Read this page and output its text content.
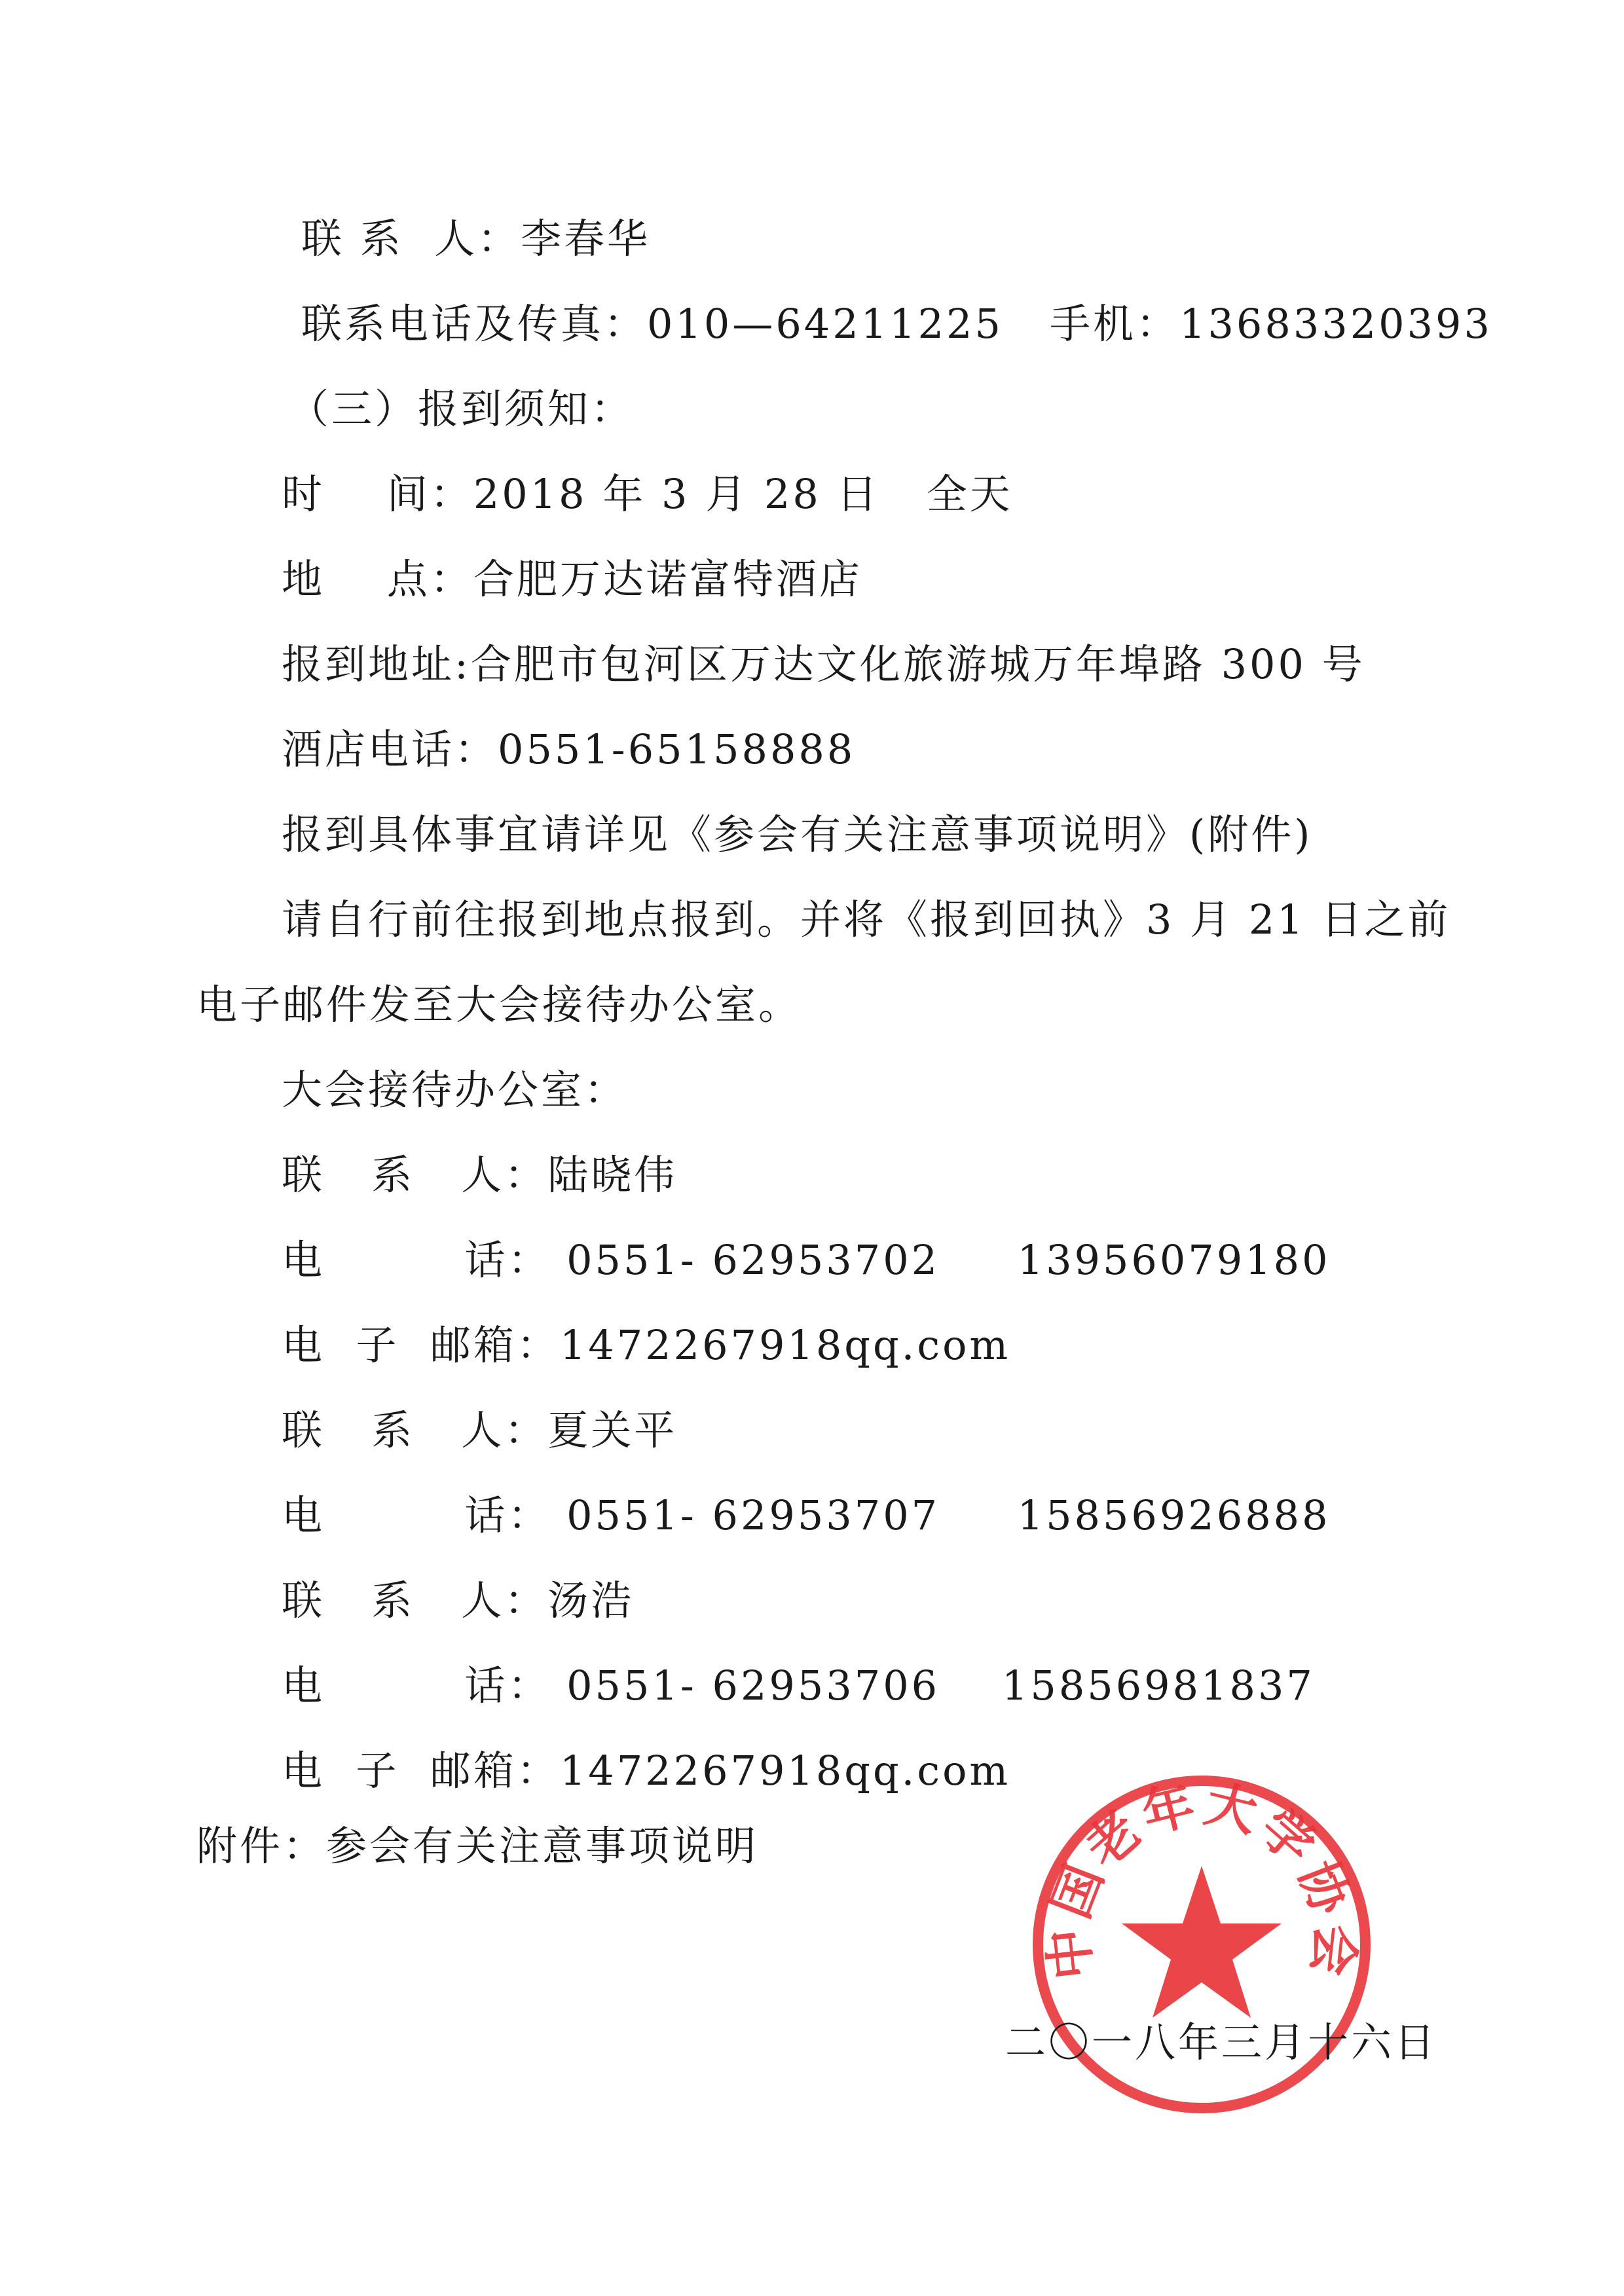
联 系  人：李春华
联系电话及传真：010—64211225   手机：13683320393
（三）报到须知：
时    间：2018 年 3 月 28 日   全天
地    点：合肥万达诺富特酒店
报到地址:合肥市包河区万达文化旅游城万年埠路 300 号
酒店电话：0551-65158888
报到具体事宜请详见《参会有关注意事项说明》(附件)
请自行前往报到地点报到。并将《报到回执》3 月 21 日之前
电子邮件发至大会接待办公室。
大会接待办公室：
联   系   人：陆晓伟
电         话： 0551- 62953702     13956079180
电  子  邮箱：1472267918qq.com
联   系   人：夏关平
电         话： 0551- 62953707     15856926888
联   系   人：汤浩
电         话： 0551- 62953706    15856981837
电  子  邮箱：1472267918qq.com
附件：参会有关注意事项说明
中国老年大学协会
二〇一八年三月十六日
